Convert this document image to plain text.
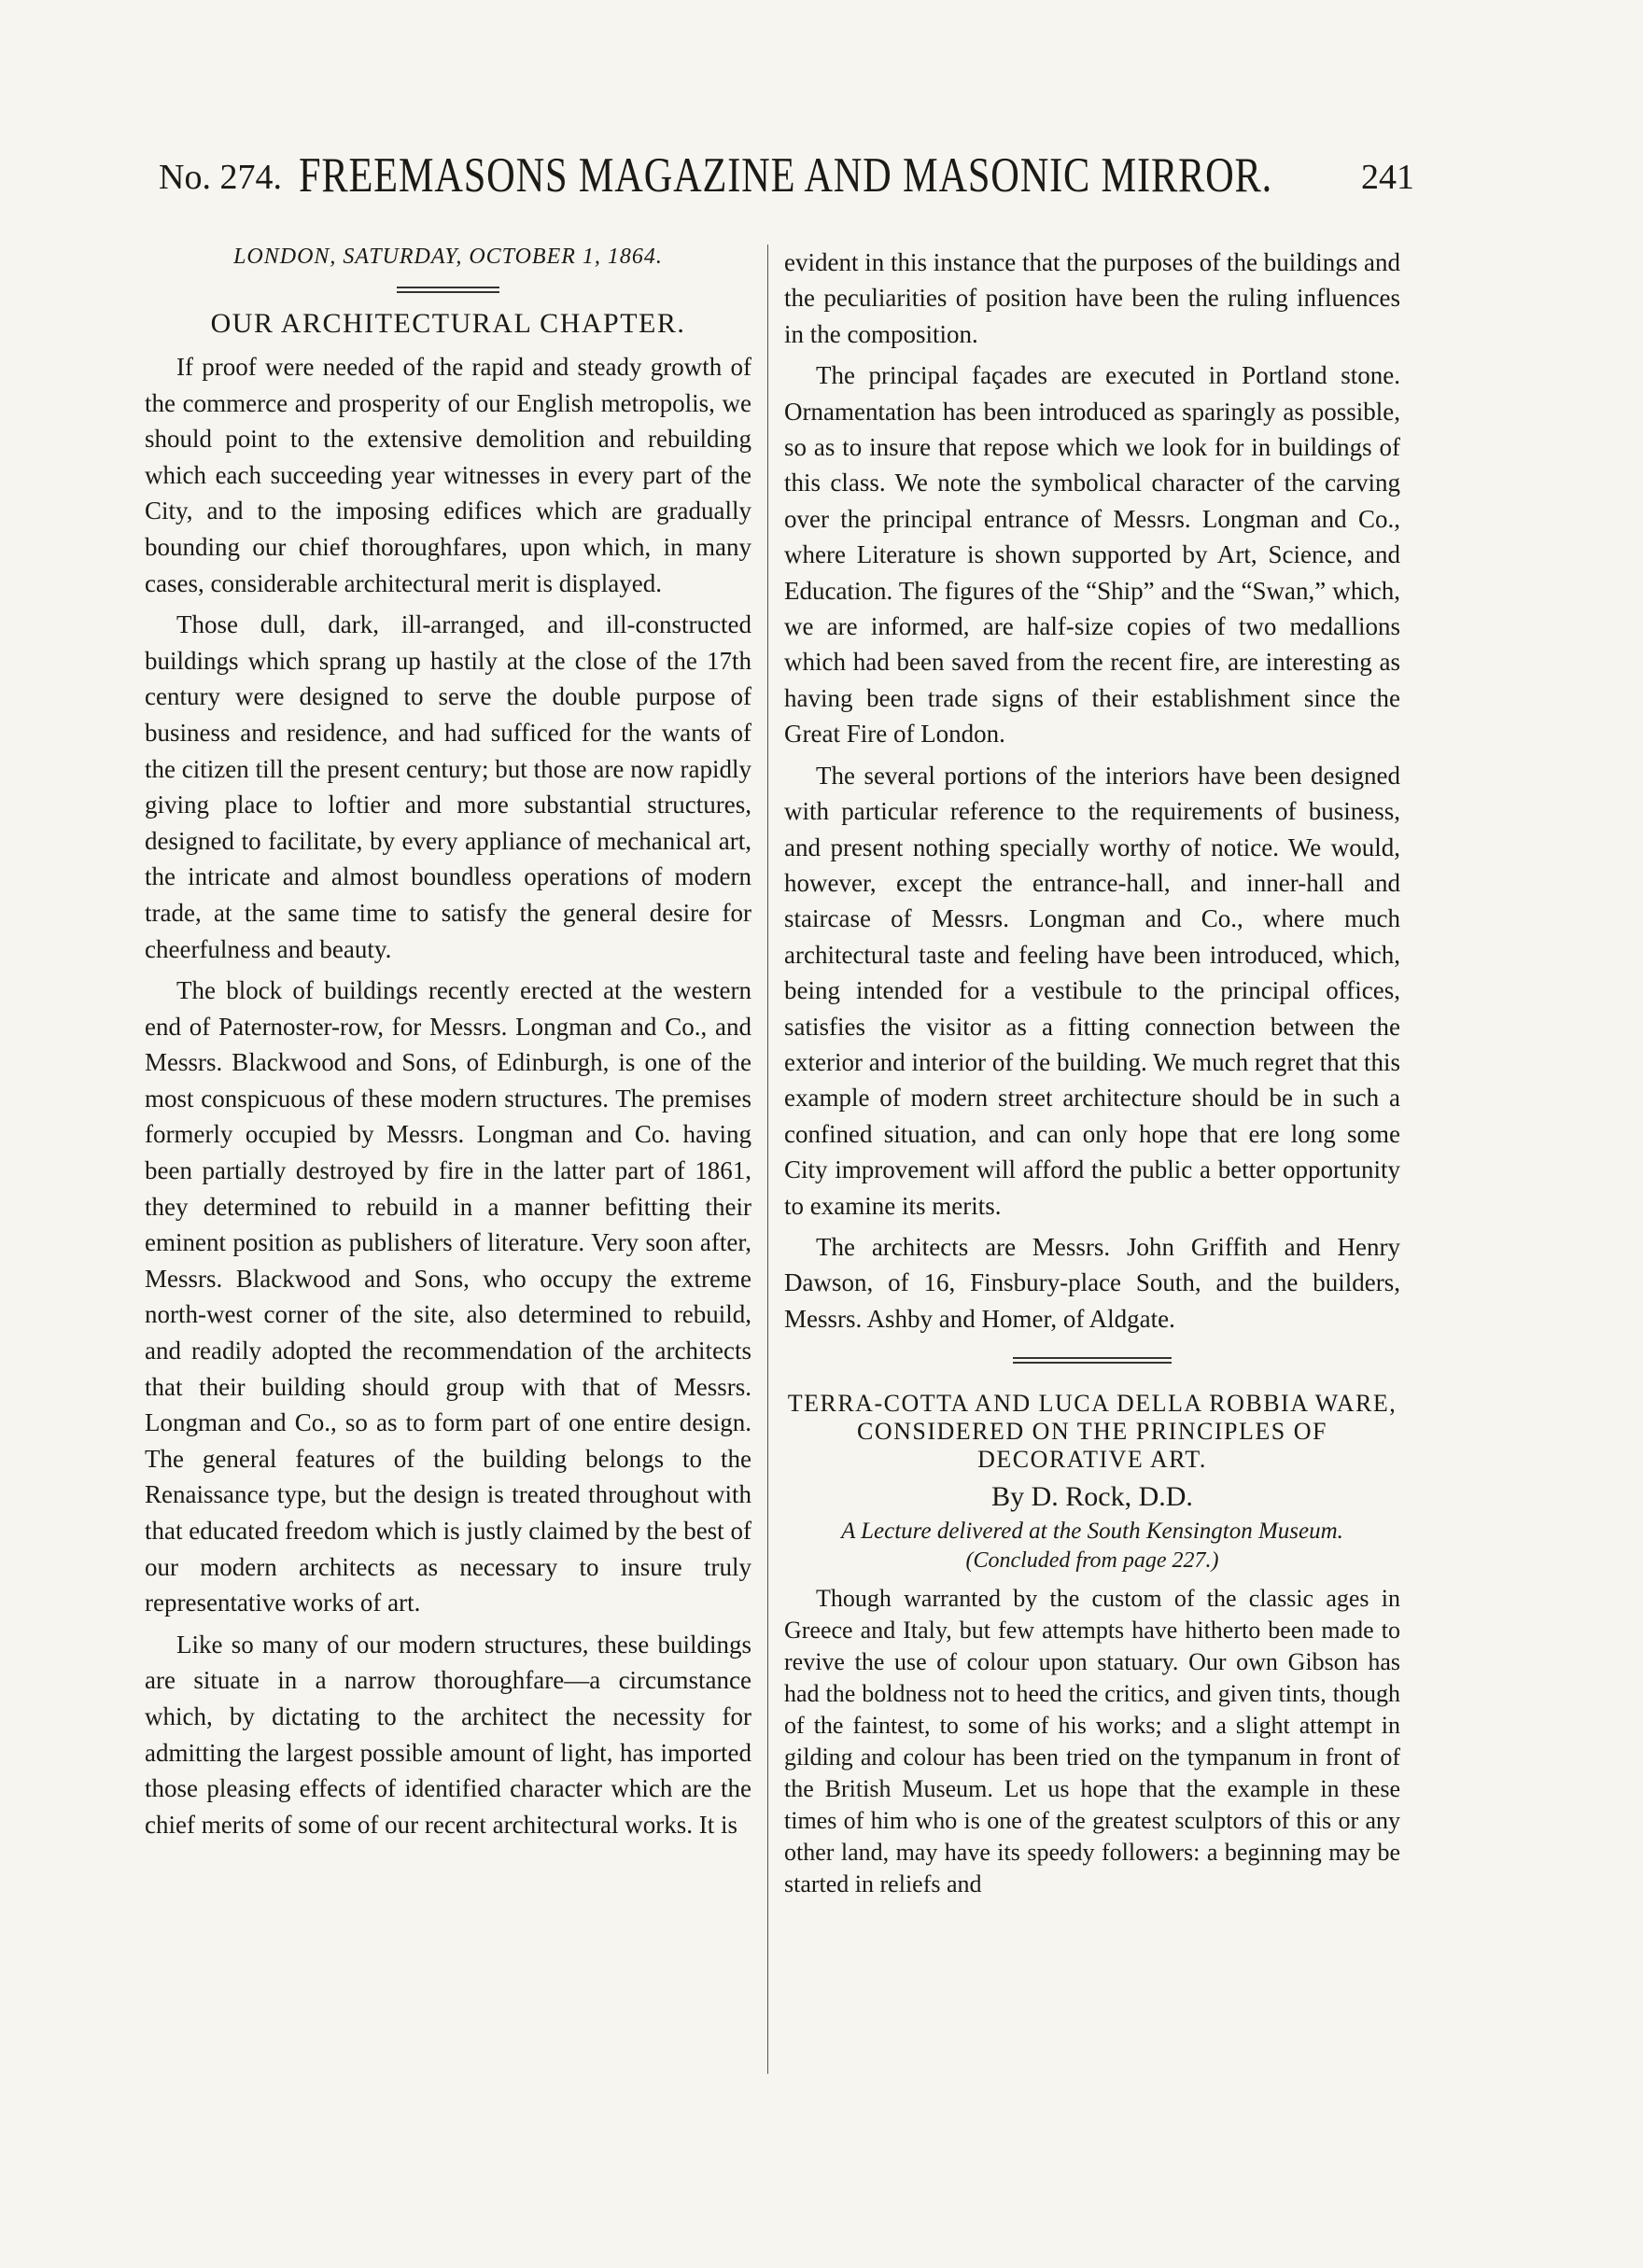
No. 274. FREEMASONS MAGAZINE AND MASONIC MIRROR. 241
LONDON, SATURDAY, OCTOBER 1, 1864.
OUR ARCHITECTURAL CHAPTER.

If proof were needed of the rapid and steady growth of the commerce and prosperity of our English metropolis, we should point to the extensive demolition and rebuilding which each succeeding year witnesses in every part of the City, and to the imposing edifices which are gradually bounding our chief thoroughfares, upon which, in many cases, considerable architectural merit is displayed.

Those dull, dark, ill-arranged, and ill-constructed buildings which sprang up hastily at the close of the 17th century were designed to serve the double purpose of business and residence, and had sufficed for the wants of the citizen till the present century; but those are now rapidly giving place to loftier and more substantial structures, designed to facilitate, by every appliance of mechanical art, the intricate and almost boundless operations of modern trade, at the same time to satisfy the general desire for cheerfulness and beauty.

The block of buildings recently erected at the western end of Paternoster-row, for Messrs. Longman and Co., and Messrs. Blackwood and Sons, of Edinburgh, is one of the most conspicuous of these modern structures. The premises formerly occupied by Messrs. Longman and Co. having been partially destroyed by fire in the latter part of 1861, they determined to rebuild in a manner befitting their eminent position as publishers of literature. Very soon after, Messrs. Blackwood and Sons, who occupy the extreme north-west corner of the site, also determined to rebuild, and readily adopted the recommendation of the architects that their building should group with that of Messrs. Longman and Co., so as to form part of one entire design. The general features of the building belongs to the Renaissance type, but the design is treated throughout with that educated freedom which is justly claimed by the best of our modern architects as necessary to insure truly representative works of art.

Like so many of our modern structures, these buildings are situate in a narrow thoroughfare—a circumstance which, by dictating to the architect the necessity for admitting the largest possible amount of light, has imported those pleasing effects of identified character which are the chief merits of some of our recent architectural works. It is

evident in this instance that the purposes of the buildings and the peculiarities of position have been the ruling influences in the composition.

The principal façades are executed in Portland stone. Ornamentation has been introduced as sparingly as possible, so as to insure that repose which we look for in buildings of this class. We note the symbolical character of the carving over the principal entrance of Messrs. Longman and Co., where Literature is shown supported by Art, Science, and Education. The figures of the “Ship” and the “Swan,” which, we are informed, are half-size copies of two medallions which had been saved from the recent fire, are interesting as having been trade signs of their establishment since the Great Fire of London.

The several portions of the interiors have been designed with particular reference to the requirements of business, and present nothing specially worthy of notice. We would, however, except the entrance-hall, and inner-hall and staircase of Messrs. Longman and Co., where much architectural taste and feeling have been introduced, which, being intended for a vestibule to the principal offices, satisfies the visitor as a fitting connection between the exterior and interior of the building. We much regret that this example of modern street architecture should be in such a confined situation, and can only hope that ere long some City improvement will afford the public a better opportunity to examine its merits.

The architects are Messrs. John Griffith and Henry Dawson, of 16, Finsbury-place South, and the builders, Messrs. Ashby and Homer, of Aldgate.

TERRA-COTTA AND LUCA DELLA ROBBIA WARE, CONSIDERED ON THE PRINCIPLES OF DECORATIVE ART.
By D. Rock, D.D.
A Lecture delivered at the South Kensington Museum.
(Concluded from page 227.)

Though warranted by the custom of the classic ages in Greece and Italy, but few attempts have hitherto been made to revive the use of colour upon statuary. Our own Gibson has had the boldness not to heed the critics, and given tints, though of the faintest, to some of his works; and a slight attempt in gilding and colour has been tried on the tympanum in front of the British Museum. Let us hope that the example in these times of him who is one of the greatest sculptors of this or any other land, may have its speedy followers: a beginning may be started in reliefs and
